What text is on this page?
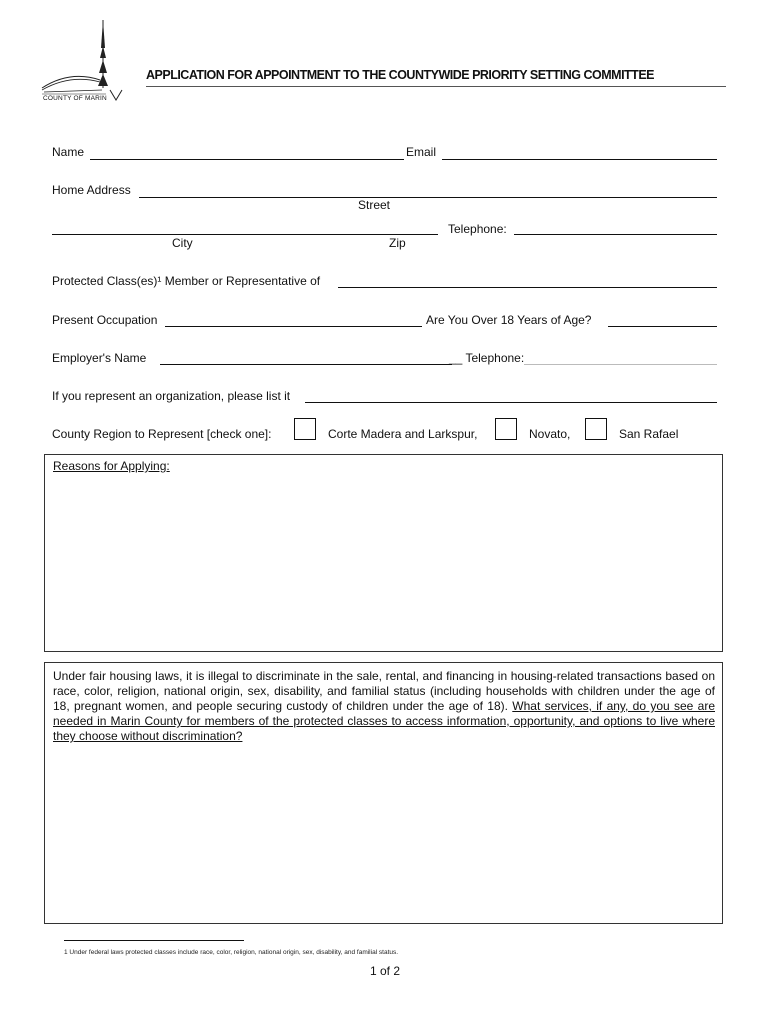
COUNTY OF MARIN
APPLICATION FOR APPOINTMENT TO THE COUNTYWIDE PRIORITY SETTING COMMITTEE
Name	Email
Home Address
Street
Telephone:
City	Zip
Protected Class(es)¹ Member or Representative of
Present Occupation	Are You Over 18 Years of Age?
Employer's Name	__ Telephone:
If you represent an organization, please list it
County Region to Represent [check one]:	Corte Madera and Larkspur,	Novato,	San Rafael
Reasons for Applying:
Under fair housing laws, it is illegal to discriminate in the sale, rental, and financing in housing-related transactions based on race, color, religion, national origin, sex, disability, and familial status (including households with children under the age of 18, pregnant women, and people securing custody of children under the age of 18). What services, if any, do you see are needed in Marin County for members of the protected classes to access information, opportunity, and options to live where they choose without discrimination?
1 Under federal laws protected classes include race, color, religion, national origin, sex, disability, and familial status.
1 of 2
